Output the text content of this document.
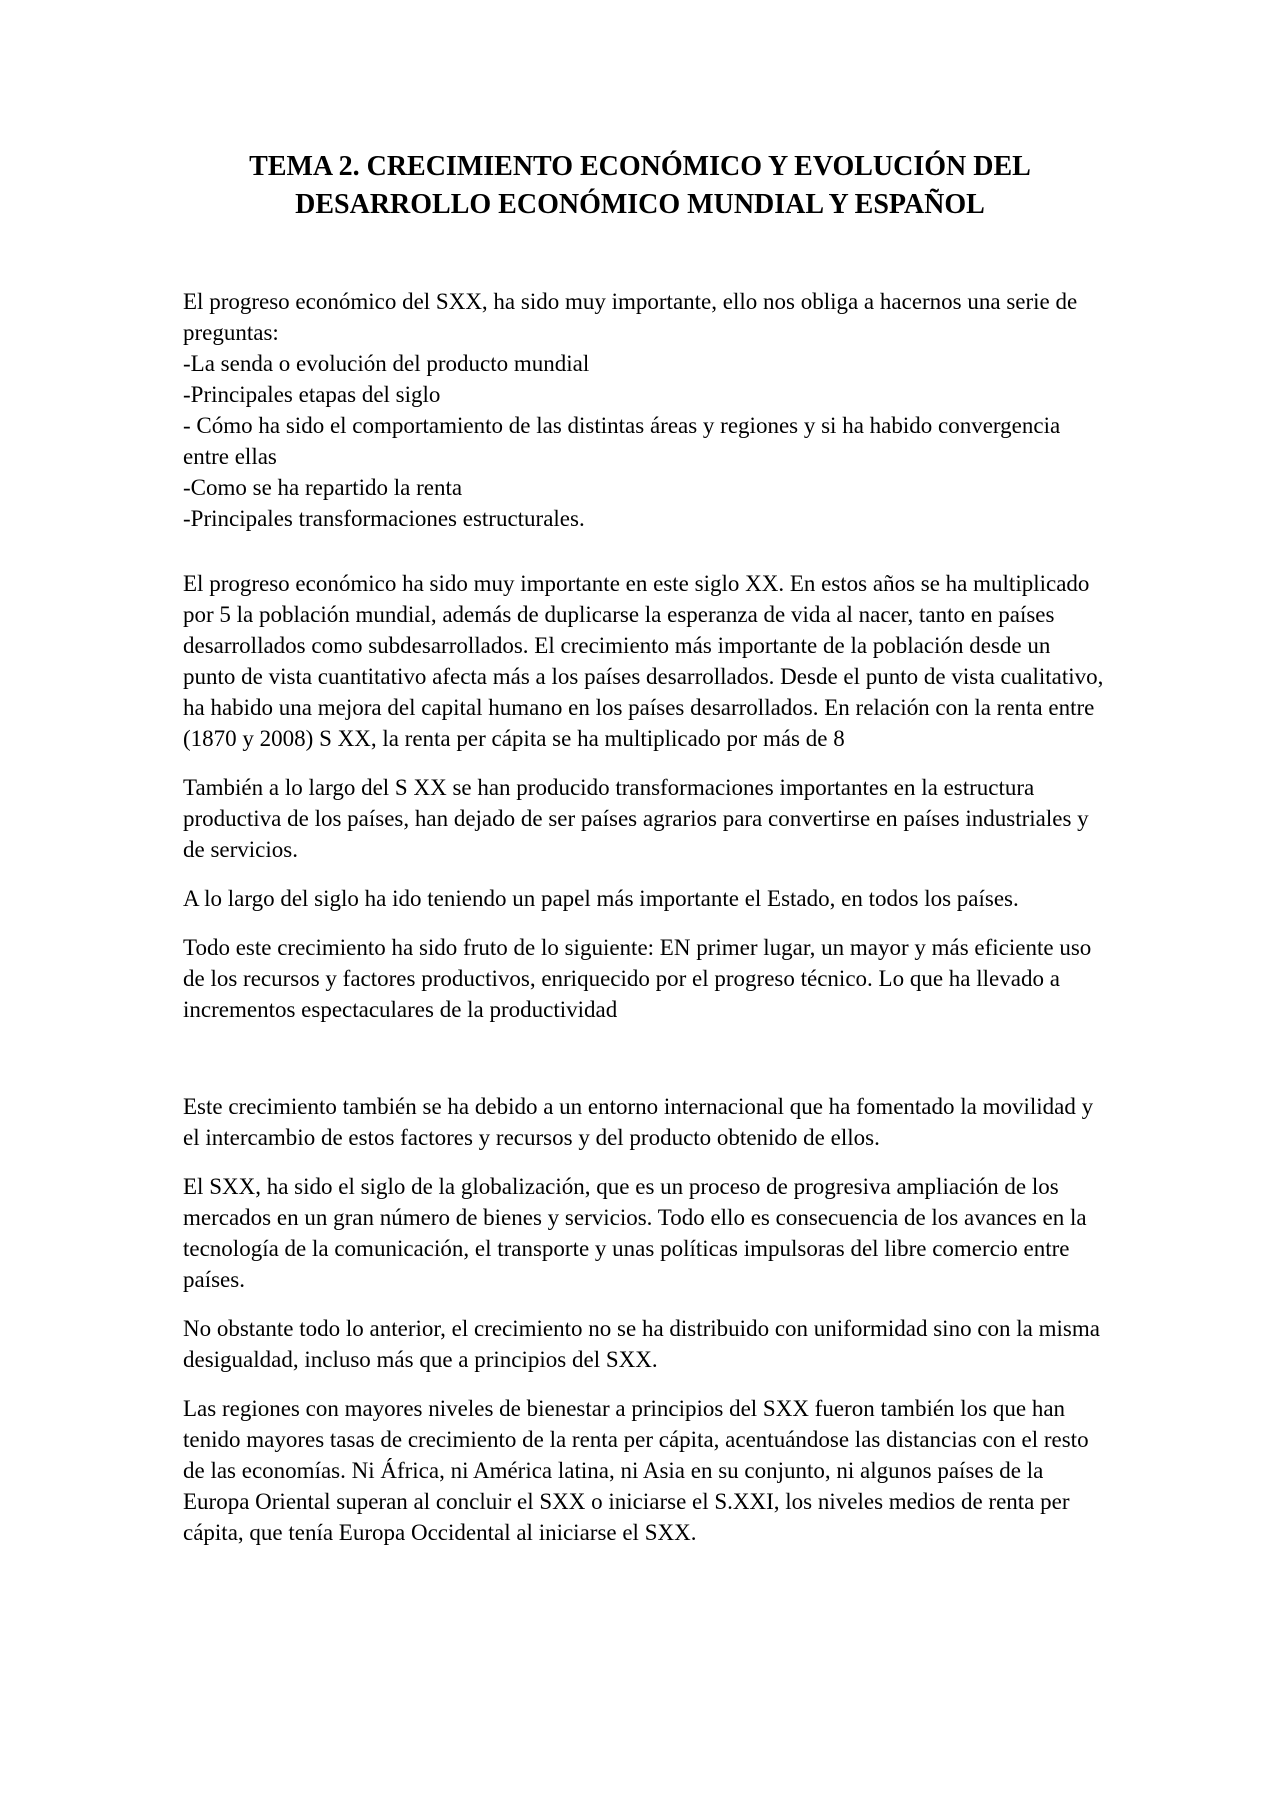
TEMA 2. CRECIMIENTO ECONÓMICO Y EVOLUCIÓN DEL
DESARROLLO ECONÓMICO MUNDIAL Y ESPAÑOL

El progreso económico del SXX, ha sido muy importante, ello nos obliga a hacernos una serie de preguntas:
-La senda o evolución del producto mundial
-Principales etapas del siglo
- Cómo ha sido el comportamiento de las distintas áreas y regiones y si ha habido convergencia entre ellas
-Como se ha repartido la renta
-Principales transformaciones estructurales.

El progreso económico ha sido muy importante en este siglo XX. En estos años se ha multiplicado por 5 la población mundial, además de duplicarse la esperanza de vida al nacer, tanto en países desarrollados como subdesarrollados. El crecimiento más importante de la población desde un punto de vista cuantitativo afecta más a los países desarrollados. Desde el punto de vista cualitativo, ha habido una mejora del capital humano en los países desarrollados. En relación con la renta entre (1870 y 2008) S XX, la renta per cápita se ha multiplicado por más de 8

También a lo largo del S XX se han producido transformaciones importantes en la estructura productiva de los países, han dejado de ser países agrarios para convertirse en países industriales y de servicios.

A lo largo del siglo ha ido teniendo un papel más importante el Estado, en todos los países.

Todo este crecimiento ha sido fruto de lo siguiente: EN primer lugar, un mayor y más eficiente uso de los recursos y factores productivos, enriquecido por el progreso técnico. Lo que ha llevado a incrementos espectaculares de la productividad

Este crecimiento también se ha debido a un entorno internacional que ha fomentado la movilidad y el intercambio de estos factores y recursos y del producto obtenido de ellos.

El SXX, ha sido el siglo de la globalización, que es un proceso de progresiva ampliación de los mercados en un gran número de bienes y servicios. Todo ello es consecuencia de los avances en la tecnología de la comunicación, el transporte y unas políticas impulsoras del libre comercio entre países.

No obstante todo lo anterior, el crecimiento no se ha distribuido con uniformidad sino con la misma desigualdad, incluso más que a principios del SXX.

Las regiones con mayores niveles de bienestar a principios del SXX fueron también los que han tenido mayores tasas de crecimiento de la renta per cápita, acentuándose las distancias con el resto de las economías. Ni África, ni América latina, ni Asia en su conjunto, ni algunos países de la Europa Oriental superan al concluir el SXX o iniciarse el S.XXI, los niveles medios de renta per cápita, que tenía Europa Occidental al iniciarse el SXX.
